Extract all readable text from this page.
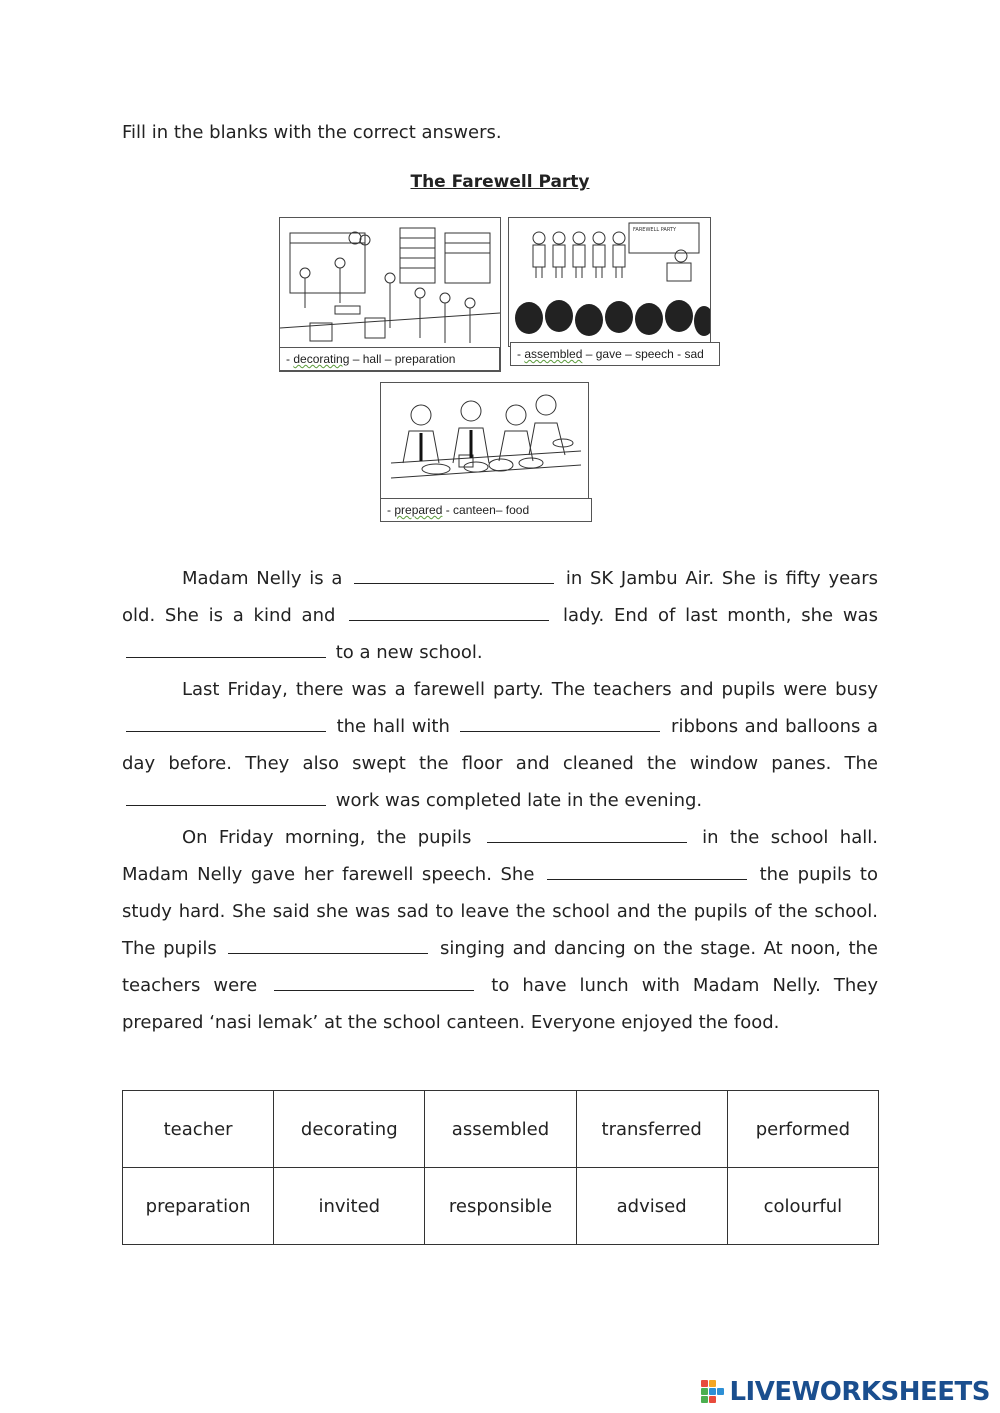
Fill in the blanks with the correct answers.
The Farewell Party
- decorating – hall – preparation
FAREWELL PARTY
- assembled – gave – speech - sad
- prepared - canteen– food

Madam Nelly is a	in SK Jambu Air. She is fifty years old. She is a kind and	lady. End of last month, she was  to a new school.

Last Friday, there was a farewell party. The teachers and pupils were busy  the hall with	ribbons and balloons a day before. They also swept the floor and cleaned the window panes. The  work was completed late in the evening.

On Friday morning, the pupils	in the school hall. Madam Nelly gave her farewell speech. She	the pupils to study hard. She said she was sad to leave the school and the pupils of the school. The pupils	singing and dancing on the stage. At noon, the teachers were	to have lunch with Madam Nelly. They prepared ‘nasi lemak’ at the school canteen. Everyone enjoyed the food.

teacher	decorating	assembled	transferred	performed
preparation	invited	responsible	advised	colourful
LIVEWORKSHEETS
